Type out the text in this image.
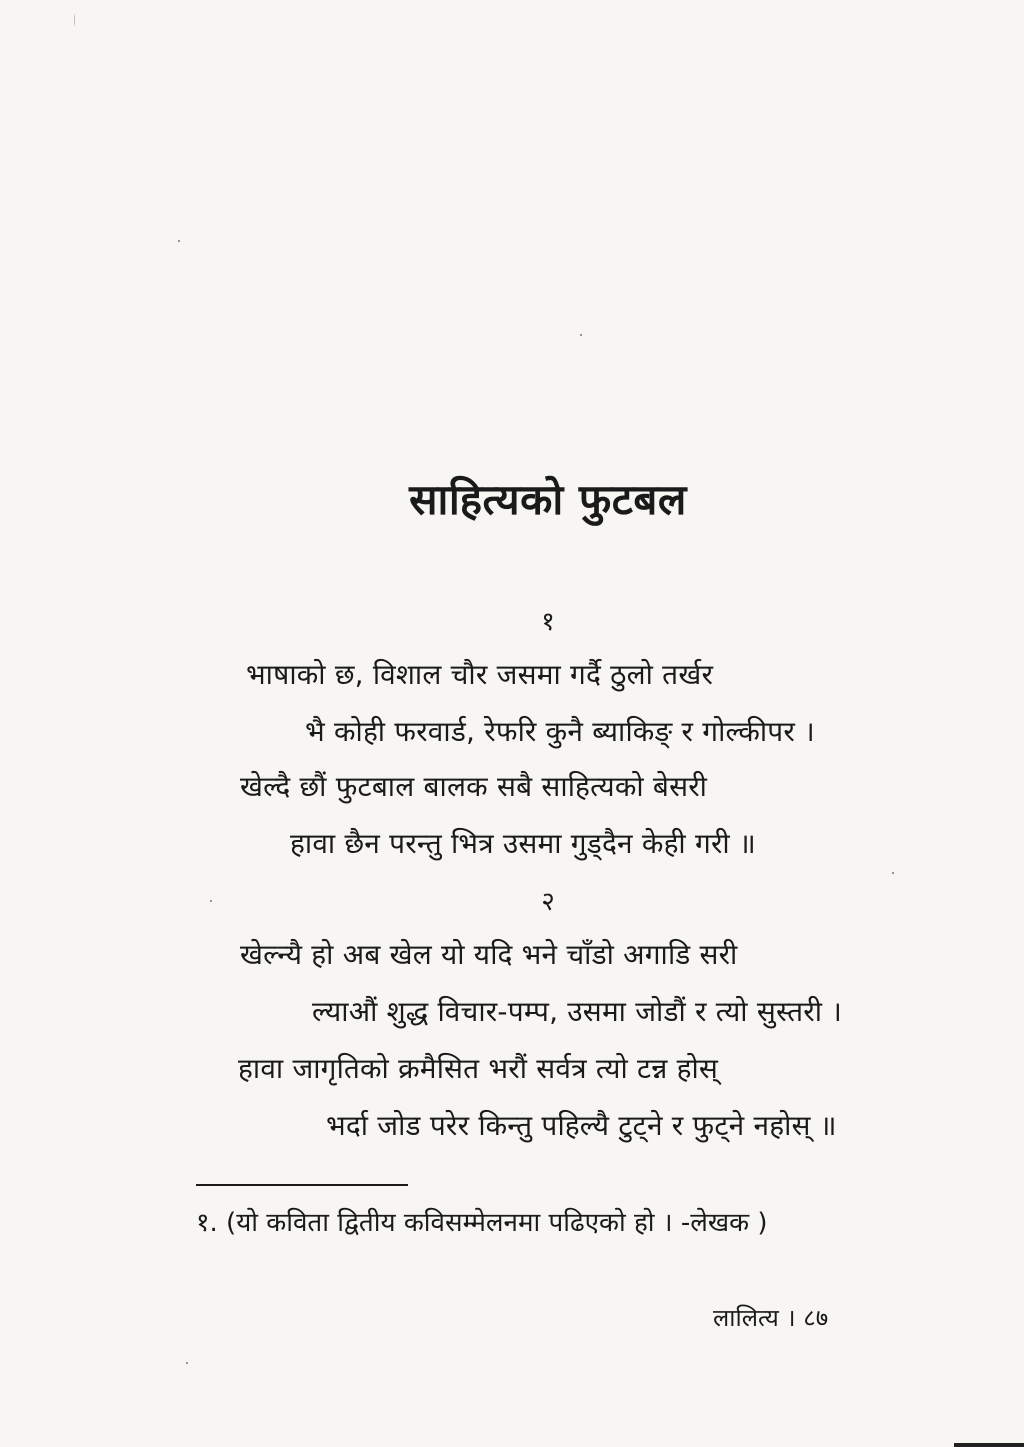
साहित्यको फुटबल
१
भाषाको छ, विशाल चौर जसमा गर्दै ठुलो तर्खर
भै कोही फरवार्ड, रेफरि कुनै ब्याकिङ् र गोल्कीपर ।
खेल्दै छौं फुटबाल बालक सबै साहित्यको बेसरी
हावा छैन परन्तु भित्र उसमा गुड्दैन केही गरी ॥
२
खेल्न्यै हो अब खेल यो यदि भने चाँडो अगाडि सरी
ल्याऔं शुद्ध विचार-पम्प, उसमा जोडौं र त्यो सुस्तरी ।
हावा जागृतिको क्रमैसित भरौं सर्वत्र त्यो टन्न होस्
भर्दा जोड परेर किन्तु पहिल्यै टुट्ने र फुट्ने नहोस् ॥
१. (यो कविता द्वितीय कविसम्मेलनमा पढिएको हो । -लेखक )
लालित्य । ८७
